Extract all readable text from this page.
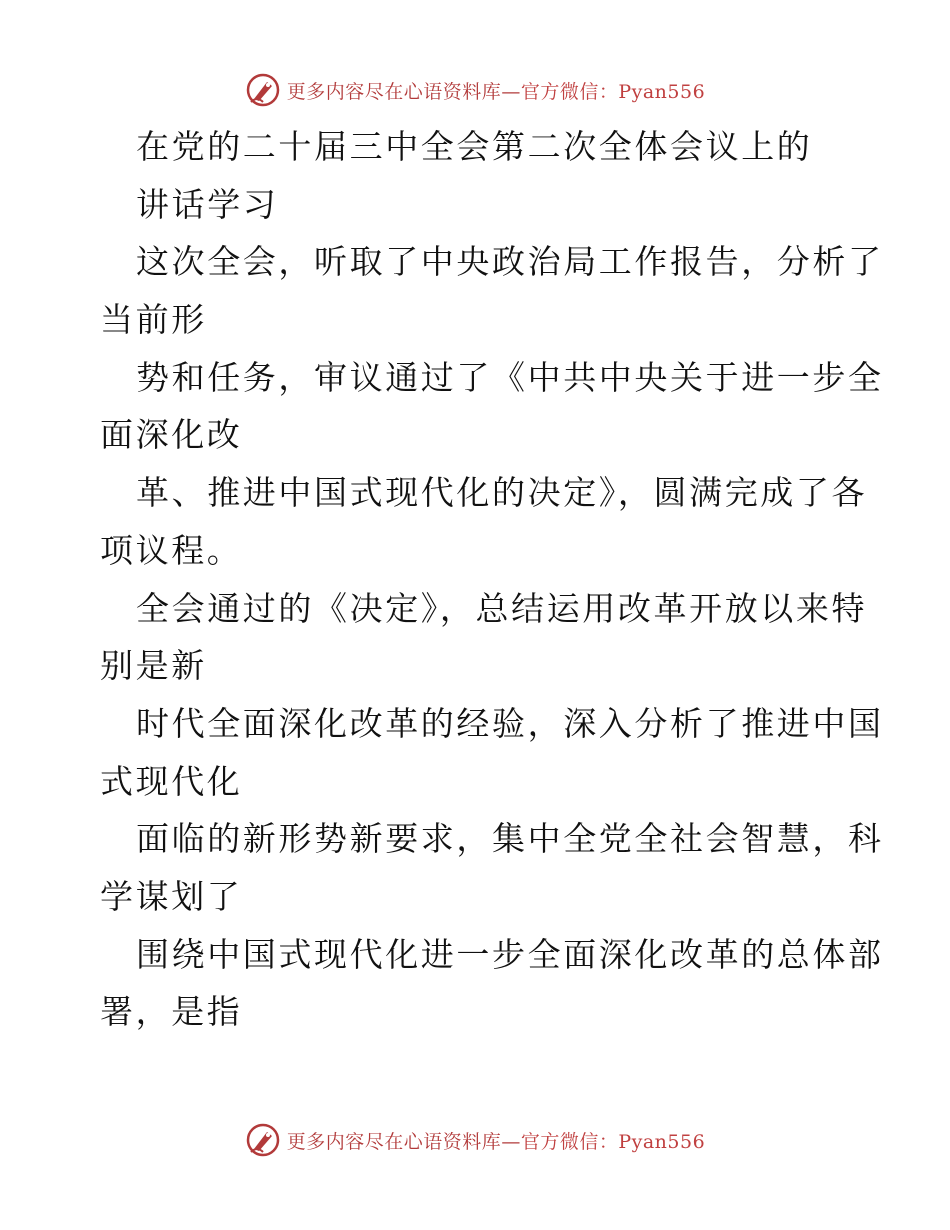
更多内容尽在心语资料库—官方微信：Pyan556
在党的二十届三中全会第二次全体会议上的
讲话学习
这次全会，听取了中央政治局工作报告，分析了
当前形
势和任务，审议通过了《中共中央关于进一步全
面深化改
革、推进中国式现代化的决定》，圆满完成了各
项议程。
全会通过的《决定》，总结运用改革开放以来特
别是新
时代全面深化改革的经验，深入分析了推进中国
式现代化
面临的新形势新要求，集中全党全社会智慧，科
学谋划了
围绕中国式现代化进一步全面深化改革的总体部
署，是指
更多内容尽在心语资料库—官方微信：Pyan556
